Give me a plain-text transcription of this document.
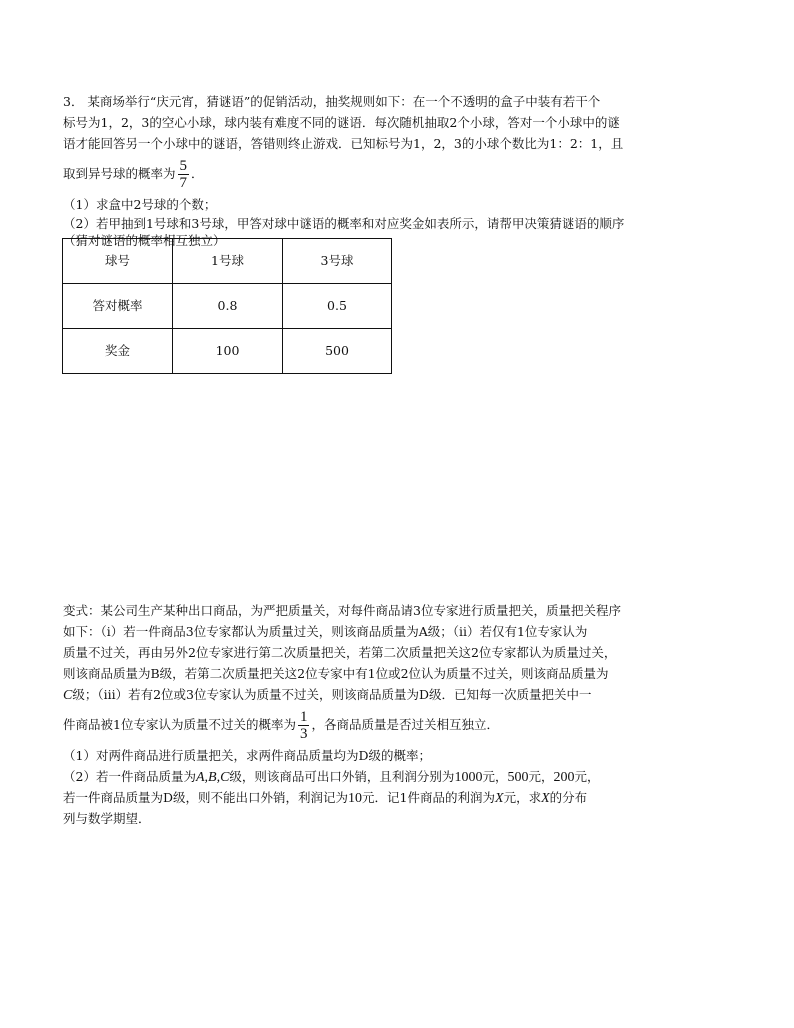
3． 某商场举行“庆元宵，猜谜语”的促销活动，抽奖规则如下：在一个不透明的盒子中装有若干个
标号为1，2，3的空心小球，球内装有难度不同的谜语．每次随机抽取2个小球，答对一个小球中的谜
语才能回答另一个小球中的谜语，答错则终止游戏．已知标号为1，2，3的小球个数比为1：2：1，且
取到异号球的概率为 $\frac{5}{7}$ ．
（1）求盒中2号球的个数；
（2）若甲抽到1号球和3号球，甲答对球中谜语的概率和对应奖金如表所示，请帮甲决策猜谜语的顺序
（猜对谜语的概率相互独立）
球号	1号球	3号球
答对概率	0.8	0.5
奖金	100	500
变式：某公司生产某种出口商品，为严把质量关，对每件商品请3位专家进行质量把关，质量把关程序
如下：（i）若一件商品3位专家都认为质量过关，则该商品质量为A级；（ii）若仅有1位专家认为
质量不过关，再由另外2位专家进行第二次质量把关，若第二次质量把关这2位专家都认为质量过关，
则该商品质量为B级，若第二次质量把关这2位专家中有1位或2位认为质量不过关，则该商品质量为
C级；（iii）若有2位或3位专家认为质量不过关，则该商品质量为D级．已知每一次质量把关中一
件商品被1位专家认为质量不过关的概率为 $\frac{1}{3}$ ，各商品质量是否过关相互独立．
（1）对两件商品进行质量把关，求两件商品质量均为D级的概率；
（2）若一件商品质量为A,B,C级，则该商品可出口外销，且利润分别为1000元，500元，200元，
若一件商品质量为D级，则不能出口外销，利润记为10元．记1件商品的利润为X元，求X的分布
列与数学期望．
